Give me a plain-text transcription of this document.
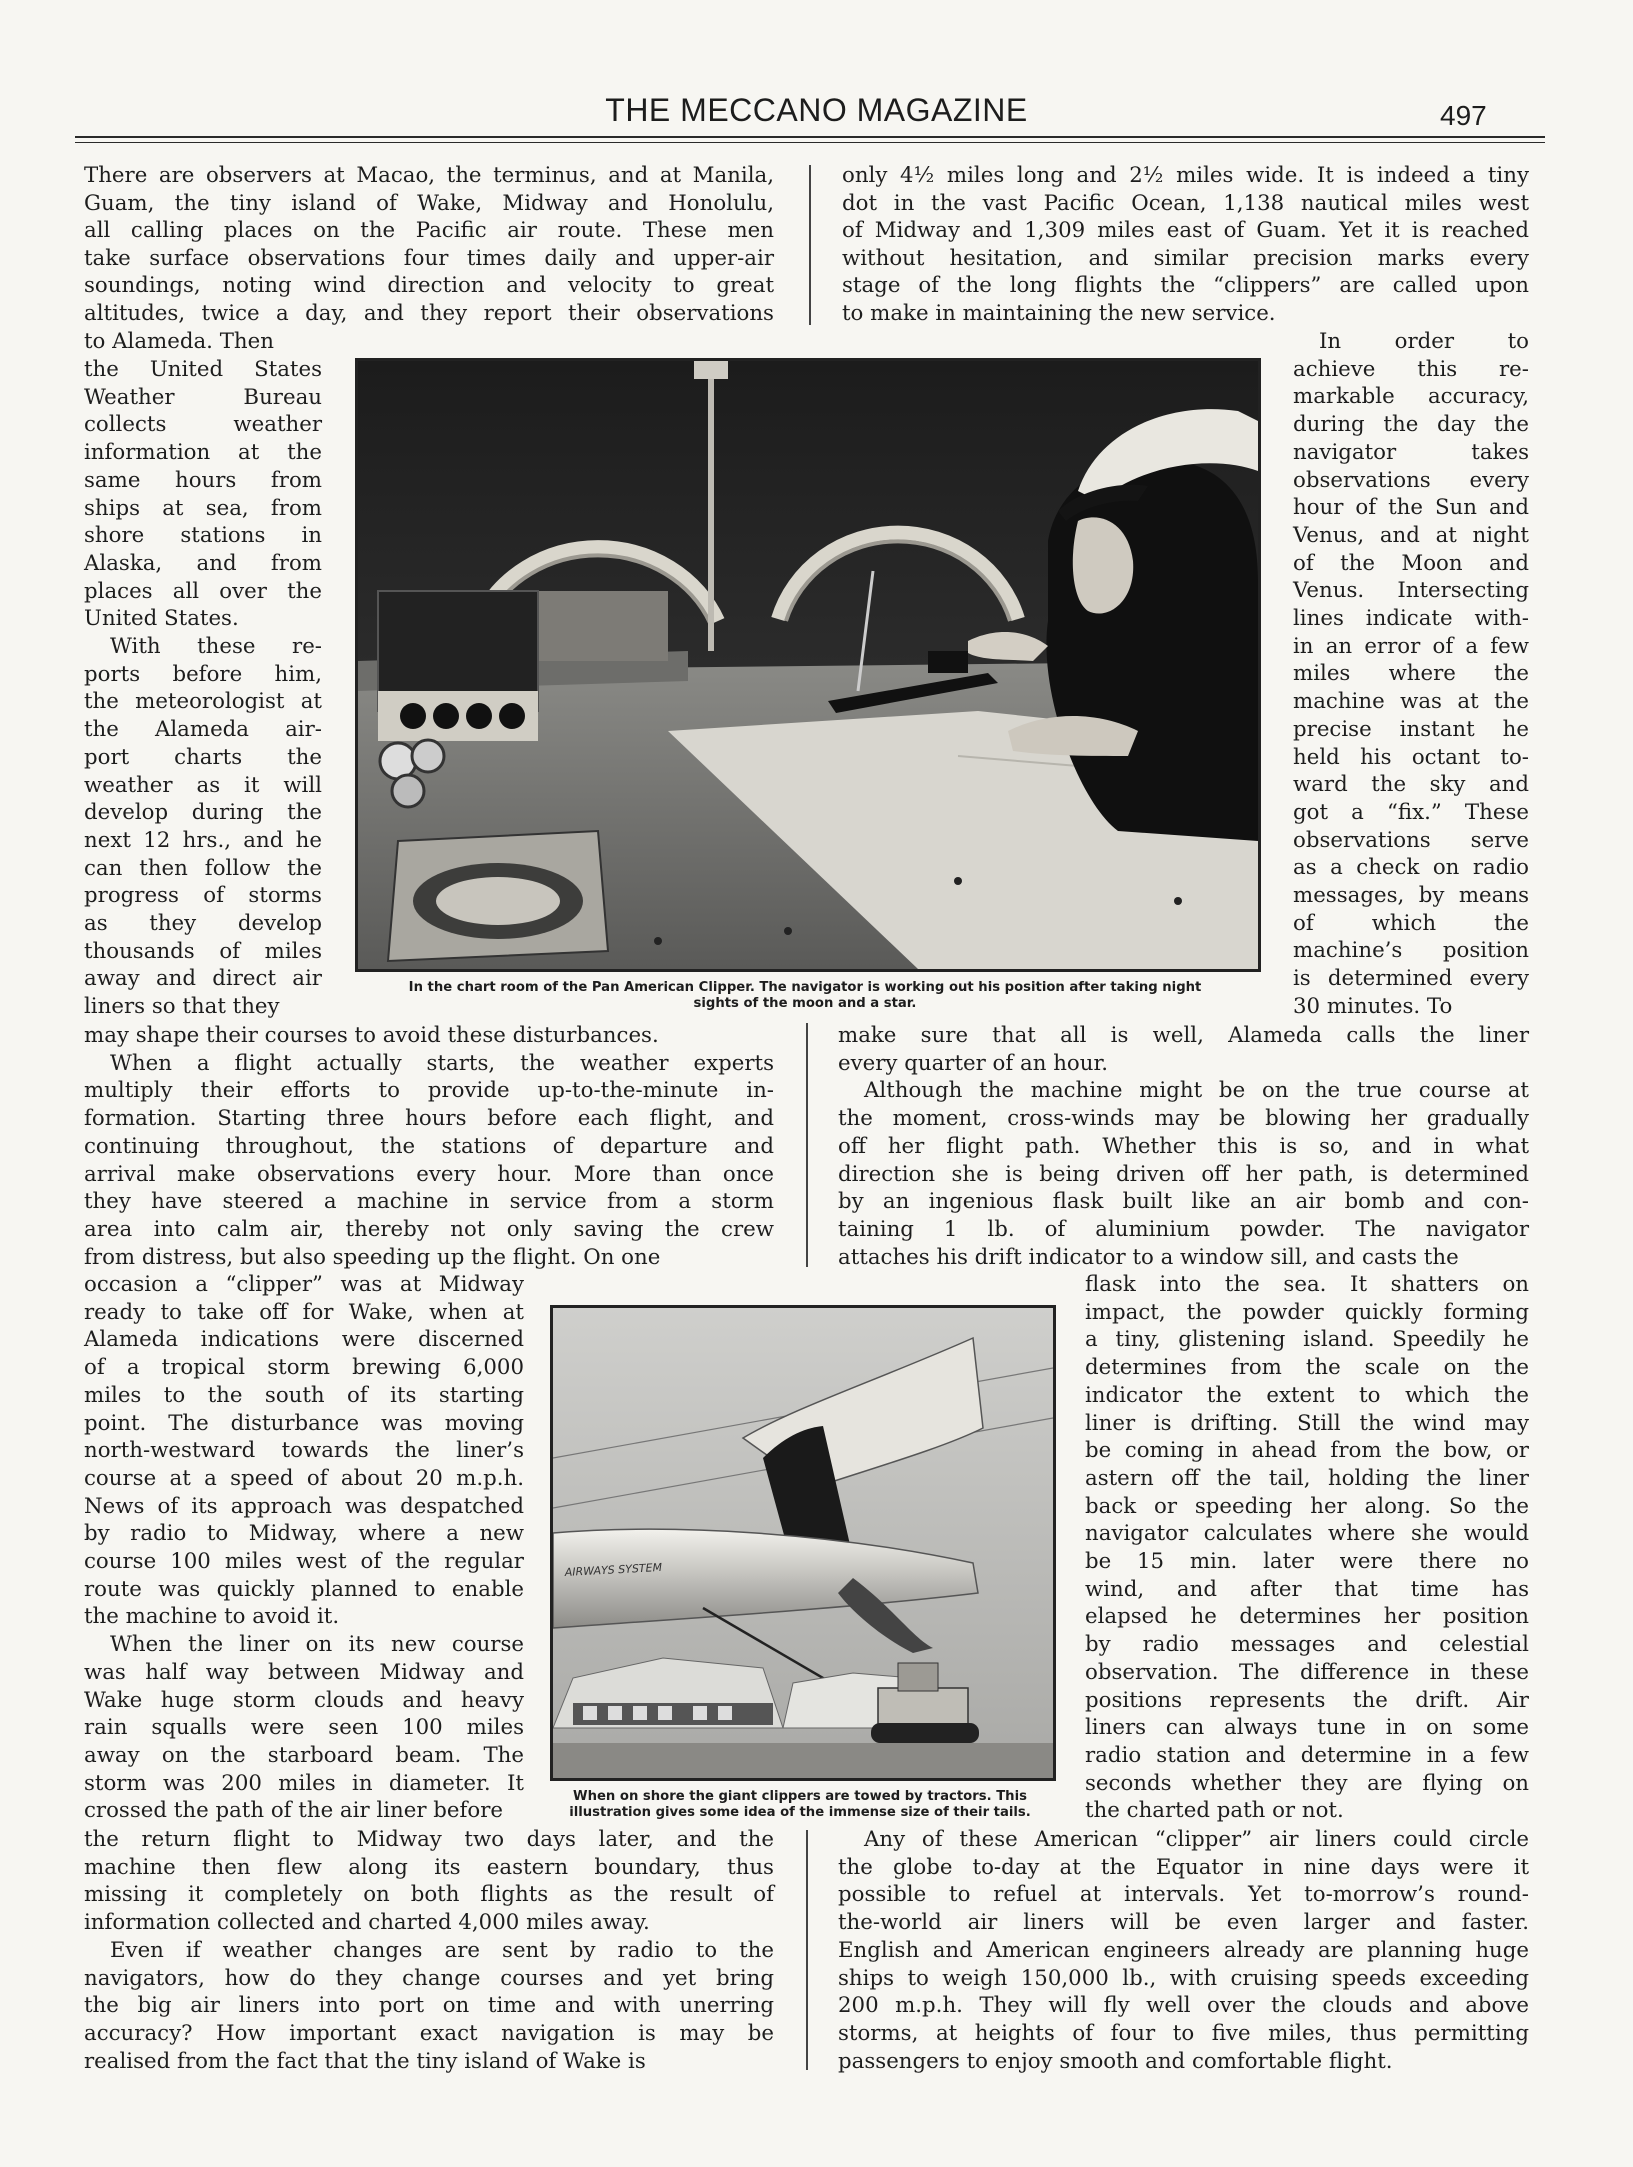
THE MECCANO MAGAZINE	497

There are observers at Macao, the terminus, and at Manila,

Guam, the tiny island of Wake, Midway and Honolulu,

all calling places on the Pacific air route. These men

take surface observations four times daily and upper-air

soundings, noting wind direction and velocity to great

altitudes, twice a day, and they report their observations

to Alameda. Then

the United States

Weather Bureau

collects weather

information at the

same hours from

ships at sea, from

shore stations in

Alaska, and from

places all over the

United States.

With these re-

ports before him,

the meteorologist at

the Alameda air-

port charts the

weather as it will

develop during the

next 12 hrs., and he

can then follow the

progress of storms

as they develop

thousands of miles

away and direct air

liners so that they

may shape their courses to avoid these disturbances.

When a flight actually starts, the weather experts

multiply their efforts to provide up-to-the-minute in-

formation. Starting three hours before each flight, and

continuing throughout, the stations of departure and

arrival make observations every hour. More than once

they have steered a machine in service from a storm

area into calm air, thereby not only saving the crew

from distress, but also speeding up the flight. On one

occasion a “clipper” was at Midway

ready to take off for Wake, when at

Alameda indications were discerned

of a tropical storm brewing 6,000

miles to the south of its starting

point. The disturbance was moving

north-westward towards the liner’s

course at a speed of about 20 m.p.h.

News of its approach was despatched

by radio to Midway, where a new

course 100 miles west of the regular

route was quickly planned to enable

the machine to avoid it.

When the liner on its new course

was half way between Midway and

Wake huge storm clouds and heavy

rain squalls were seen 100 miles

away on the starboard beam. The

storm was 200 miles in diameter. It

crossed the path of the air liner before

the return flight to Midway two days later, and the

machine then flew along its eastern boundary, thus

missing it completely on both flights as the result of

information collected and charted 4,000 miles away.

Even if weather changes are sent by radio to the

navigators, how do they change courses and yet bring

the big air liners into port on time and with unerring

accuracy? How important exact navigation is may be

realised from the fact that the tiny island of Wake is

only 4½ miles long and 2½ miles wide. It is indeed a tiny

dot in the vast Pacific Ocean, 1,138 nautical miles west

of Midway and 1,309 miles east of Guam. Yet it is reached

without hesitation, and similar precision marks every

stage of the long flights the “clippers” are called upon

to make in maintaining the new service.

In order to

achieve this re-

markable accuracy,

during the day the

navigator takes

observations every

hour of the Sun and

Venus, and at night

of the Moon and

Venus. Intersecting

lines indicate with-

in an error of a few

miles where the

machine was at the

precise instant he

held his octant to-

ward the sky and

got a “fix.” These

observations serve

as a check on radio

messages, by means

of which the

machine’s position

is determined every

30 minutes. To

make sure that all is well, Alameda calls the liner

every quarter of an hour.

Although the machine might be on the true course at

the moment, cross-winds may be blowing her gradually

off her flight path. Whether this is so, and in what

direction she is being driven off her path, is determined

by an ingenious flask built like an air bomb and con-

taining 1 lb. of aluminium powder. The navigator

attaches his drift indicator to a window sill, and casts the

flask into the sea. It shatters on

impact, the powder quickly forming

a tiny, glistening island. Speedily he

determines from the scale on the

indicator the extent to which the

liner is drifting. Still the wind may

be coming in ahead from the bow, or

astern off the tail, holding the liner

back or speeding her along. So the

navigator calculates where she would

be 15 min. later were there no

wind, and after that time has

elapsed he determines her position

by radio messages and celestial

observation. The difference in these

positions represents the drift. Air

liners can always tune in on some

radio station and determine in a few

seconds whether they are flying on

the charted path or not.

Any of these American “clipper” air liners could circle

the globe to-day at the Equator in nine days were it

possible to refuel at intervals. Yet to-morrow’s round-

the-world air liners will be even larger and faster.

English and American engineers already are planning huge

ships to weigh 150,000 lb., with cruising speeds exceeding

200 m.p.h. They will fly well over the clouds and above

storms, at heights of four to five miles, thus permitting

passengers to enjoy smooth and comfortable flight.

In the chart room of the Pan American Clipper. The navigator is working out his position after taking night
sights of the moon and a star.
AIRWAYS SYSTEM
When on shore the giant clippers are towed by tractors. This
illustration gives some idea of the immense size of their tails.
